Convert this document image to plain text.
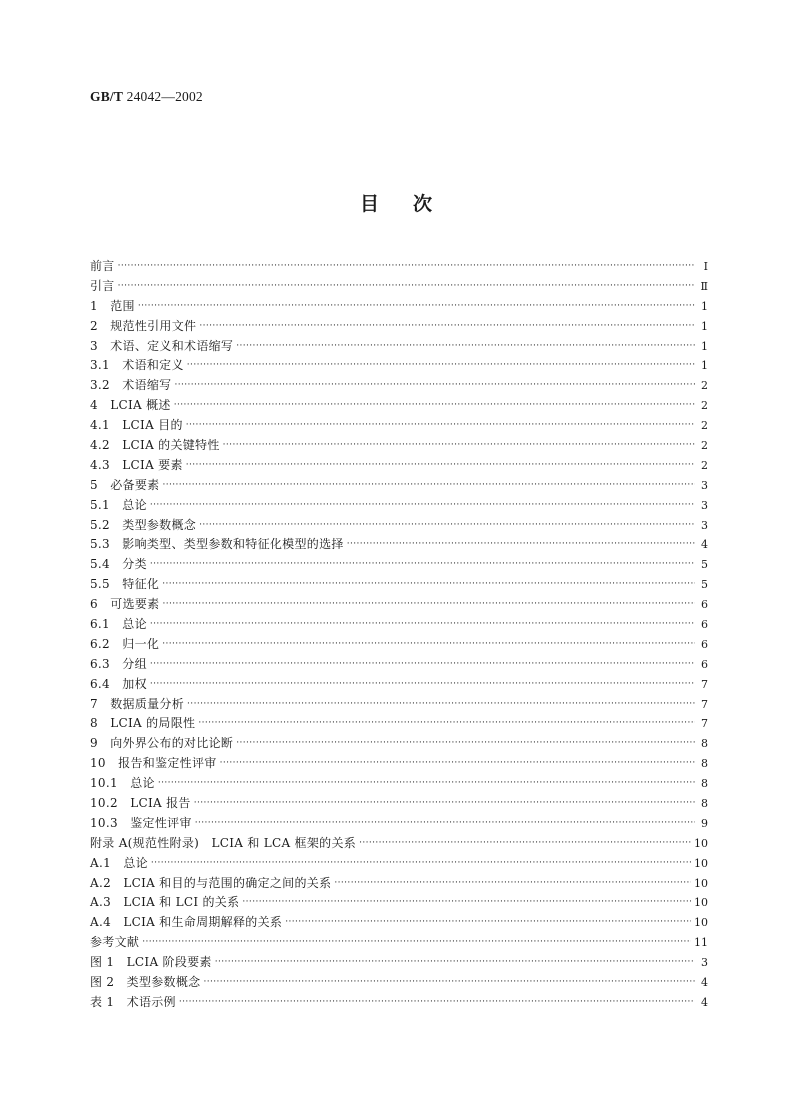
GB/T 24042—2002
目次
前言 ·····	I
引言 ·····	Ⅱ
1　范围 ·····	1
2　规范性引用文件 ·····	1
3　术语、定义和术语缩写 ·····	1
3.1　术语和定义 ·····	1
3.2　术语缩写 ·····	2
4　LCIA 概述 ·····	2
4.1　LCIA 目的 ·····	2
4.2　LCIA 的关键特性 ·····	2
4.3　LCIA 要素 ·····	2
5　必备要素 ·····	3
5.1　总论 ·····	3
5.2　类型参数概念 ·····	3
5.3　影响类型、类型参数和特征化模型的选择 ·····	4
5.4　分类 ·····	5
5.5　特征化 ·····	5
6　可选要素 ·····	6
6.1　总论 ·····	6
6.2　归一化 ·····	6
6.3　分组 ·····	6
6.4　加权 ·····	7
7　数据质量分析 ·····	7
8　LCIA 的局限性 ·····	7
9　向外界公布的对比论断 ·····	8
10　报告和鉴定性评审 ·····	8
10.1　总论 ·····	8
10.2　LCIA 报告 ·····	8
10.3　鉴定性评审 ·····	9
附录 A(规范性附录)　LCIA 和 LCA 框架的关系 ·····	10
A.1　总论 ·····	10
A.2　LCIA 和目的与范围的确定之间的关系 ·····	10
A.3　LCIA 和 LCI 的关系 ·····	10
A.4　LCIA 和生命周期解释的关系 ·····	10
参考文献 ·····	11
图 1　LCIA 阶段要素 ·····	3
图 2　类型参数概念 ·····	4
表 1　术语示例 ·····	4
